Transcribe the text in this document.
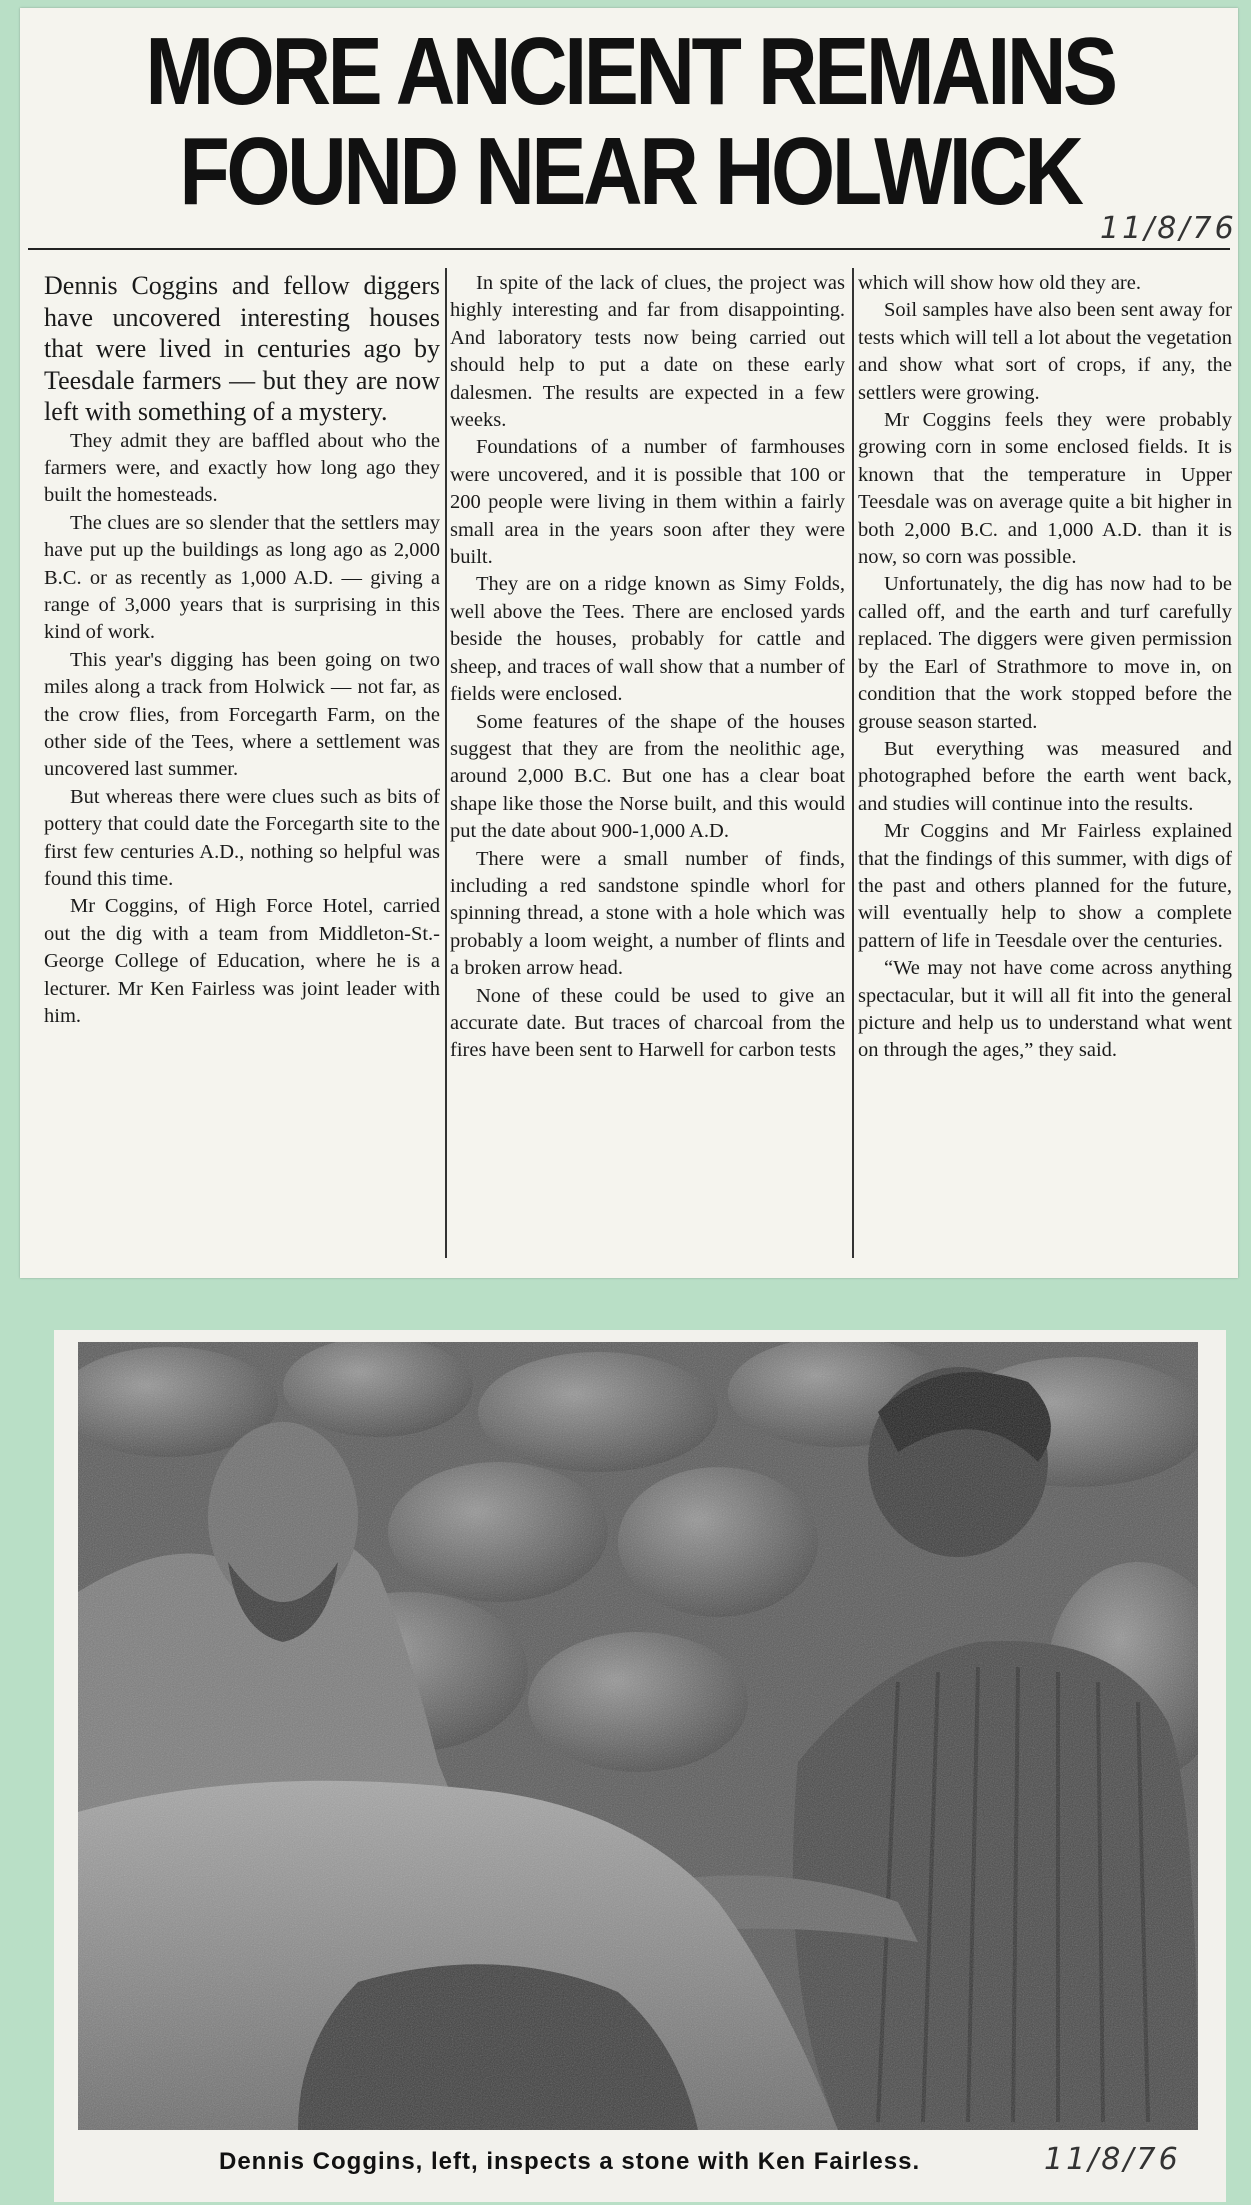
MORE ANCIENT REMAINS
FOUND NEAR HOLWICK
11/8/76

Dennis Coggins and fellow diggers have uncovered interesting houses that were lived in centuries ago by Teesdale farmers — but they are now left with something of a mystery.

They admit they are baffled about who the farmers were, and exactly how long ago they built the homesteads.

The clues are so slender that the settlers may have put up the buildings as long ago as 2,000 B.C. or as recently as 1,000 A.D. — giving a range of 3,000 years that is surprising in this kind of work.

This year's digging has been going on two miles along a track from Holwick — not far, as the crow flies, from Forcegarth Farm, on the other side of the Tees, where a settlement was uncovered last summer.

But whereas there were clues such as bits of pottery that could date the Forcegarth site to the first few centuries A.D., nothing so helpful was found this time.

Mr Coggins, of High Force Hotel, carried out the dig with a team from Middleton-St.-George College of Education, where he is a lecturer. Mr Ken Fairless was joint leader with him.

In spite of the lack of clues, the project was highly interesting and far from disappointing. And laboratory tests now being carried out should help to put a date on these early dalesmen. The results are expected in a few weeks.

Foundations of a number of farmhouses were uncovered, and it is possible that 100 or 200 people were living in them within a fairly small area in the years soon after they were built.

They are on a ridge known as Simy Folds, well above the Tees. There are enclosed yards beside the houses, probably for cattle and sheep, and traces of wall show that a number of fields were enclosed.

Some features of the shape of the houses suggest that they are from the neolithic age, around 2,000 B.C. But one has a clear boat shape like those the Norse built, and this would put the date about 900-1,000 A.D.

There were a small number of finds, including a red sandstone spindle whorl for spinning thread, a stone with a hole which was probably a loom weight, a number of flints and a broken arrow head.

None of these could be used to give an accurate date. But traces of charcoal from the fires have been sent to Harwell for carbon tests

which will show how old they are.

Soil samples have also been sent away for tests which will tell a lot about the vegetation and show what sort of crops, if any, the settlers were growing.

Mr Coggins feels they were probably growing corn in some enclosed fields. It is known that the temperature in Upper Teesdale was on average quite a bit higher in both 2,000 B.C. and 1,000 A.D. than it is now, so corn was possible.

Unfortunately, the dig has now had to be called off, and the earth and turf carefully replaced. The diggers were given permission by the Earl of Strathmore to move in, on condition that the work stopped before the grouse season started.

But everything was measured and photographed before the earth went back, and studies will continue into the results.

Mr Coggins and Mr Fairless explained that the findings of this summer, with digs of the past and others planned for the future, will eventually help to show a complete pattern of life in Teesdale over the centuries.

“We may not have come across anything spectacular, but it will all fit into the general picture and help us to understand what went on through the ages,” they said.

Dennis Coggins, left, inspects a stone with Ken Fairless.	11/8/76
